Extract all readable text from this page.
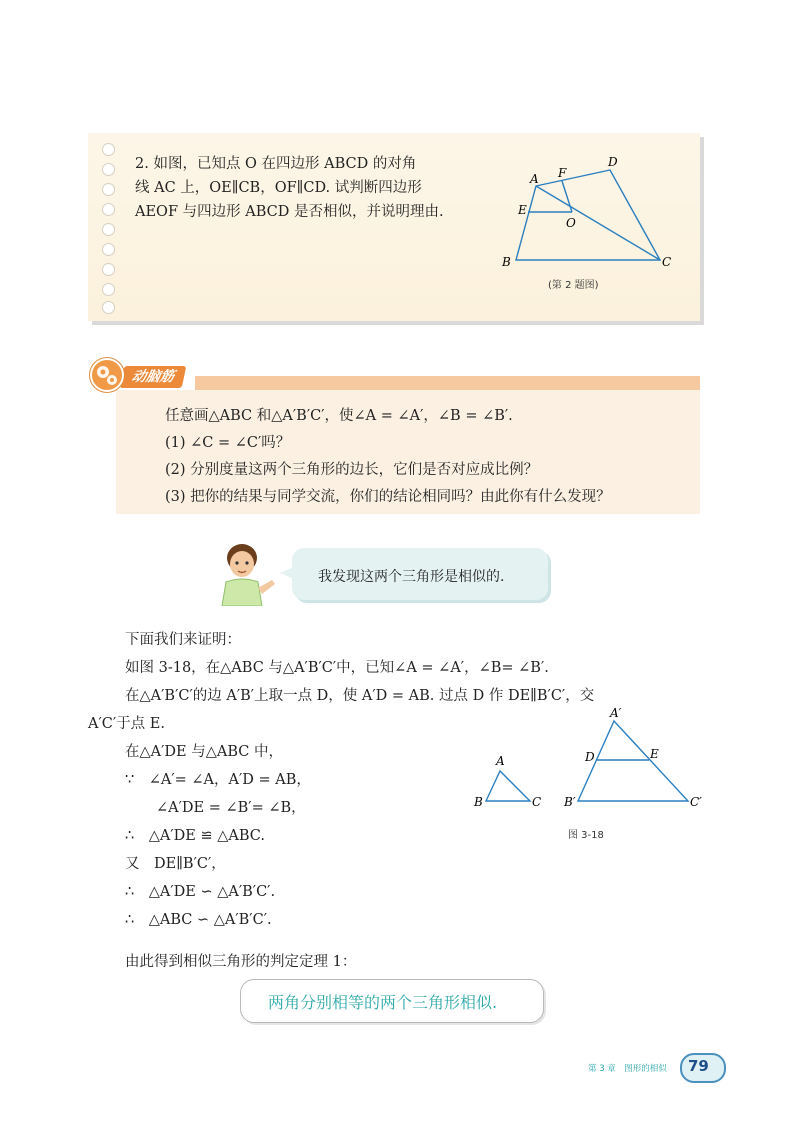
2. 如图，已知点 O 在四边形 ABCD 的对角
线 AC 上，OE∥CB，OF∥CD. 试判断四边形
AEOF 与四边形 ABCD 是否相似，并说明理由.
A
B	C
D
E
F
O
(第 2 题图)
动脑筋
任意画△ABC 和△A′B′C′，使∠A = ∠A′，∠B = ∠B′.
(1) ∠C = ∠C′吗？
(2) 分别度量这两个三角形的边长，它们是否对应成比例？
(3) 把你的结果与同学交流，你们的结论相同吗？由此你有什么发现？
我发现这两个三角形是相似的.
下面我们来证明：
如图 3-18，在△ABC 与△A′B′C′中，已知∠A = ∠A′，∠B= ∠B′.
在△A′B′C′的边 A′B′上取一点 D，使 A′D = AB. 过点 D 作 DE∥B′C′，交
A′C′于点 E.
在△A′DE 与△ABC 中，
∵　∠A′= ∠A，A′D = AB，
∠A′DE = ∠B′= ∠B，
∴　△A′DE ≌ △ABC.
又　DE∥B′C′，
∴　△A′DE ∽ △A′B′C′.
∴　△ABC ∽ △A′B′C′.
由此得到相似三角形的判定定理 1：
A
B	C
A′
B′	C′
D	E
图 3-18
两角分别相等的两个三角形相似.
第 3 章　图形的相似 79
